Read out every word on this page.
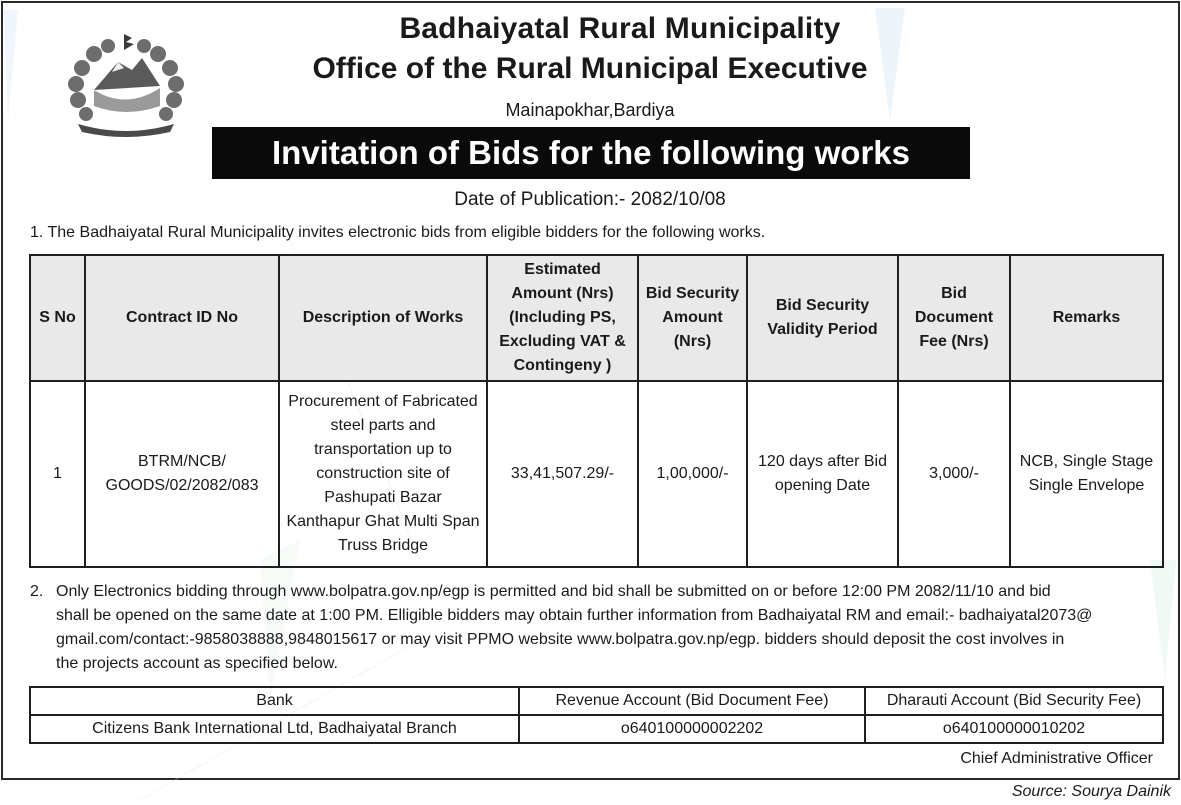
Badhaiyatal Rural Municipality
Office of the Rural Municipal Executive
Mainapokhar,Bardiya
Invitation of Bids for the following works
Date of Publication:- 2082/10/08
1. The Badhaiyatal Rural Municipality invites electronic bids from eligible bidders for the following works.
S No	Contract ID No	Description of Works	Estimated Amount (Nrs) (Including PS, Excluding VAT & Contingeny )	Bid Security Amount (Nrs)	Bid Security Validity Period	Bid Document Fee (Nrs)	Remarks
1	BTRM/NCB/ GOODS/02/2082/083	Procurement of Fabricated steel parts and transportation up to construction site of Pashupati Bazar Kanthapur Ghat Multi Span Truss Bridge	33,41,507.29/-	1,00,000/-	120 days after Bid opening Date	3,000/-	NCB, Single Stage Single Envelope
2. Only Electronics bidding through www.bolpatra.gov.np/egp is permitted and bid shall be submitted on or before 12:00 PM 2082/11/10 and bid
shall be opened on the same date at 1:00 PM. Elligible bidders may obtain further information from Badhaiyatal RM and email:- badhaiyatal2073@
gmail.com/contact:-9858038888,9848015617 or may visit PPMO website www.bolpatra.gov.np/egp. bidders should deposit the cost involves in
the projects account as specified below.
Bank	Revenue Account (Bid Document Fee)	Dharauti Account (Bid Security Fee)
Citizens Bank International Ltd, Badhaiyatal Branch	o640100000002202	o640100000010202
Chief Administrative Officer
Source: Sourya Dainik
